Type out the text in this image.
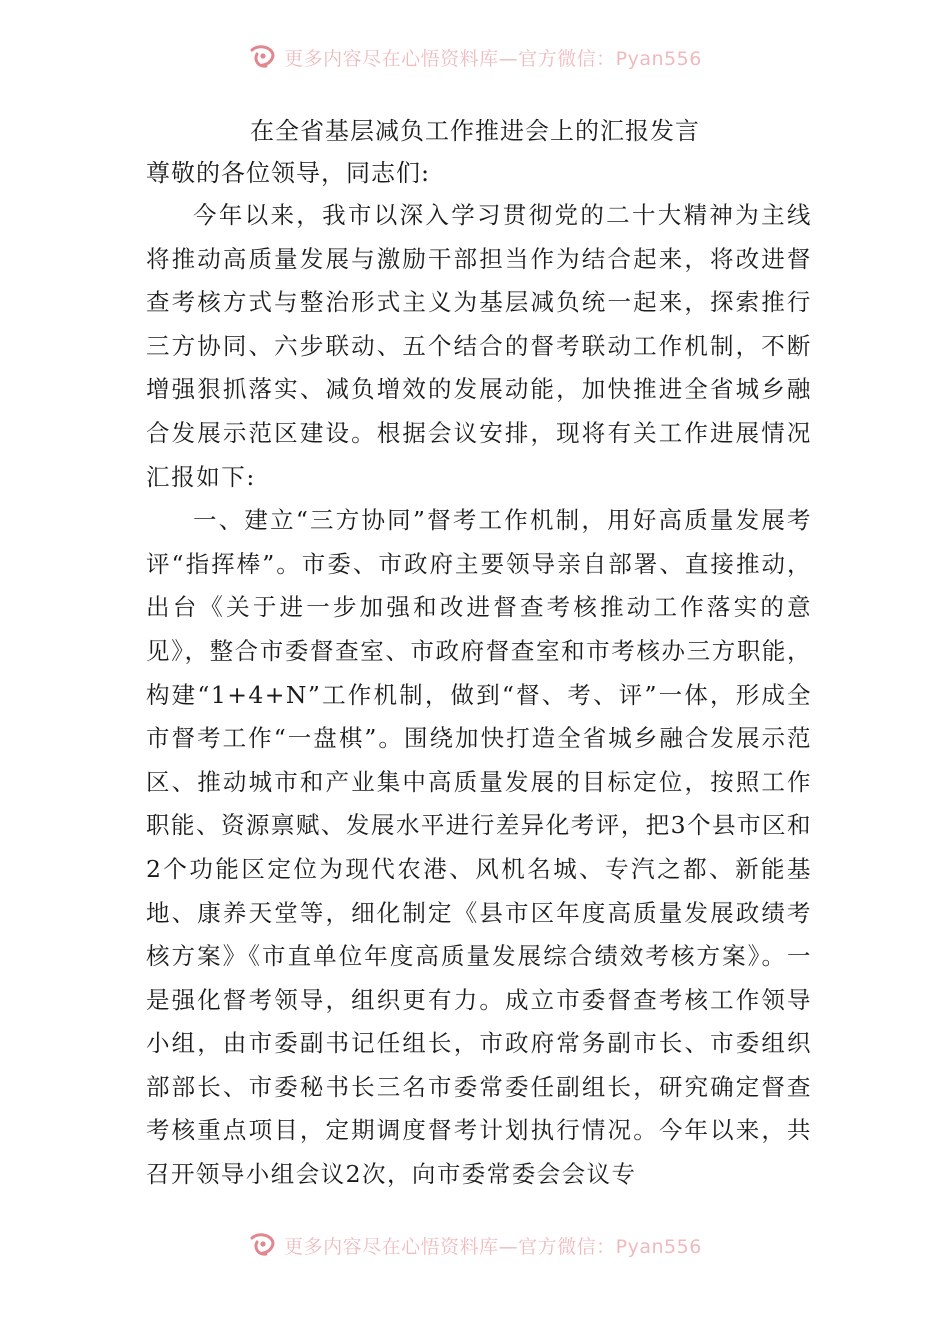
更多内容尽在心悟资料库—官方微信：Pyan556
在全省基层减负工作推进会上的汇报发言

尊敬的各位领导，同志们:

今年以来，我市以深入学习贯彻党的二十大精神为主线将推动高质量发展与激励干部担当作为结合起来，将改进督查考核方式与整治形式主义为基层减负统一起来，探索推行三方协同、六步联动、五个结合的督考联动工作机制，不断增强狠抓落实、减负增效的发展动能，加快推进全省城乡融合发展示范区建设。根据会议安排，现将有关工作进展情况汇报如下:

一、建立“三方协同”督考工作机制，用好高质量发展考评“指挥棒”。市委、市政府主要领导亲自部署、直接推动，出台《关于进一步加强和改进督查考核推动工作落实的意见》，整合市委督查室、市政府督查室和市考核办三方职能，构建“1+4+N”工作机制，做到“督、考、评”一体，形成全市督考工作“一盘棋”。围绕加快打造全省城乡融合发展示范区、推动城市和产业集中高质量发展的目标定位，按照工作职能、资源禀赋、发展水平进行差异化考评，把3个县市区和2个功能区定位为现代农港、风机名城、专汽之都、新能基地、康养天堂等，细化制定《县市区年度高质量发展政绩考核方案》《市直单位年度高质量发展综合绩效考核方案》。一是强化督考领导，组织更有力。成立市委督查考核工作领导小组，由市委副书记任组长，市政府常务副市长、市委组织部部长、市委秘书长三名市委常委任副组长，研究确定督查考核重点项目，定期调度督考计划执行情况。今年以来，共召开领导小组会议2次，向市委常委会会议专

更多内容尽在心悟资料库—官方微信：Pyan556
